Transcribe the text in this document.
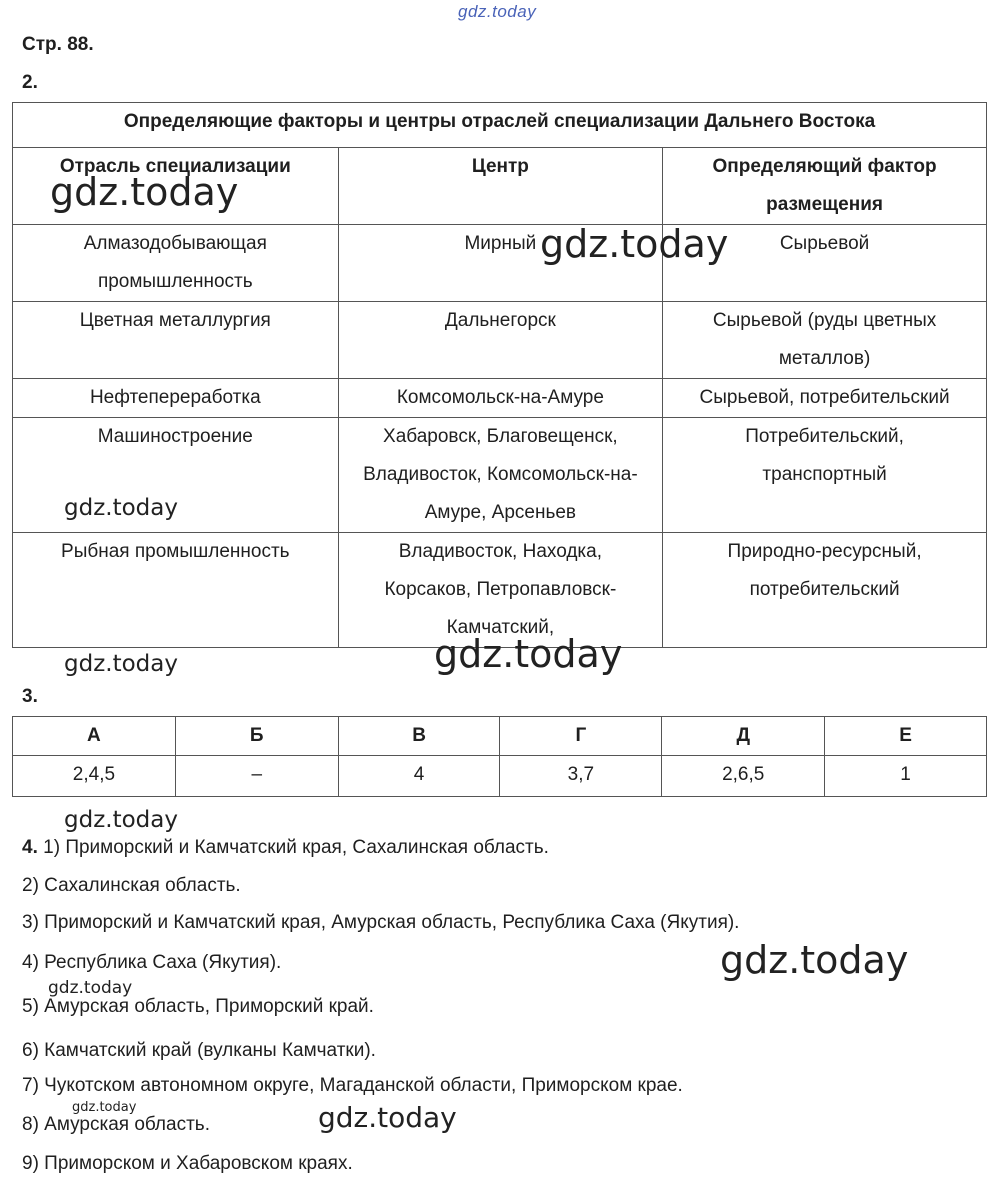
gdz.today
Стр. 88.
2.
Определяющие факторы и центры отраслей специализации Дальнего Востока		
Отрасль специализации	Центр	Определяющий фактор размещения
Алмазодобывающая промышленность	Мирный	Сырьевой
Цветная металлургия	Дальнегорск	Сырьевой (руды цветных металлов)
Нефтепереработка	Комсомольск-на-Амуре	Сырьевой, потребительский
Машиностроение	Хабаровск, Благовещенск, Владивосток, Комсомольск-на-Амуре, Арсеньев	Потребительский, транспортный
Рыбная промышленность	Владивосток, Находка, Корсаков, Петропавловск-Камчатский,	Природно-ресурсный, потребительский
3.
А	Б	В	Г	Д	Е
2,4,5	–	4	3,7	2,6,5	1
4. 1) Приморский и Камчатский края, Сахалинская область.
2) Сахалинская область.
3) Приморский и Камчатский края, Амурская область, Республика Саха (Якутия).
4) Республика Саха (Якутия).
5) Амурская область, Приморский край.
6) Камчатский край (вулканы Камчатки).
7) Чукотском автономном округе, Магаданской области, Приморском крае.
8) Амурская область.
9) Приморском и Хабаровском краях.
gdz.today
gdz.today
gdz.today
gdz.today
gdz.today
gdz.today
gdz.today
gdz.today
gdz.today	gdz.today
